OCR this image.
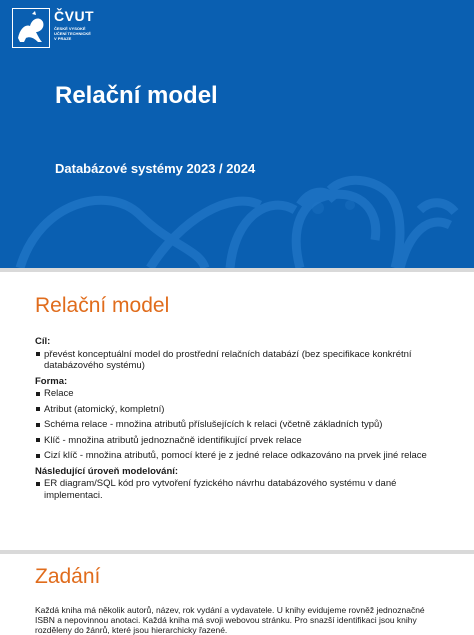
ČVUT
ČESKÉ VYSOKÉ
UČENÍ TECHNICKÉ
V PRAZE
Relační model

Databázové systémy 2023 / 2024

Relační model

Cíl:

převést konceptuální model do prostřední relačních databází (bez specifikace konkrétní databázového systému)

Forma:

Relace
Atribut (atomický, kompletní)
Schéma relace - množina atributů příslušejících k relaci (včetně základních typů)
Klíč - množina atributů jednoznačně identifikující prvek relace
Cizí klíč - množina atributů, pomocí které je z jedné relace odkazováno na prvek jiné relace

Následující úroveň modelování:

ER diagram/SQL kód pro vytvoření fyzického návrhu databázového systému v dané implementaci.
Zadání

Každá kniha má několik autorů, název, rok vydání a vydavatele. U knihy evidujeme rovněž jednoznačné ISBN a nepovinnou anotaci. Každá kniha má svoji webovou stránku. Pro snazší identifikaci jsou knihy rozděleny do žánrů, které jsou hierarchicky řazené.
